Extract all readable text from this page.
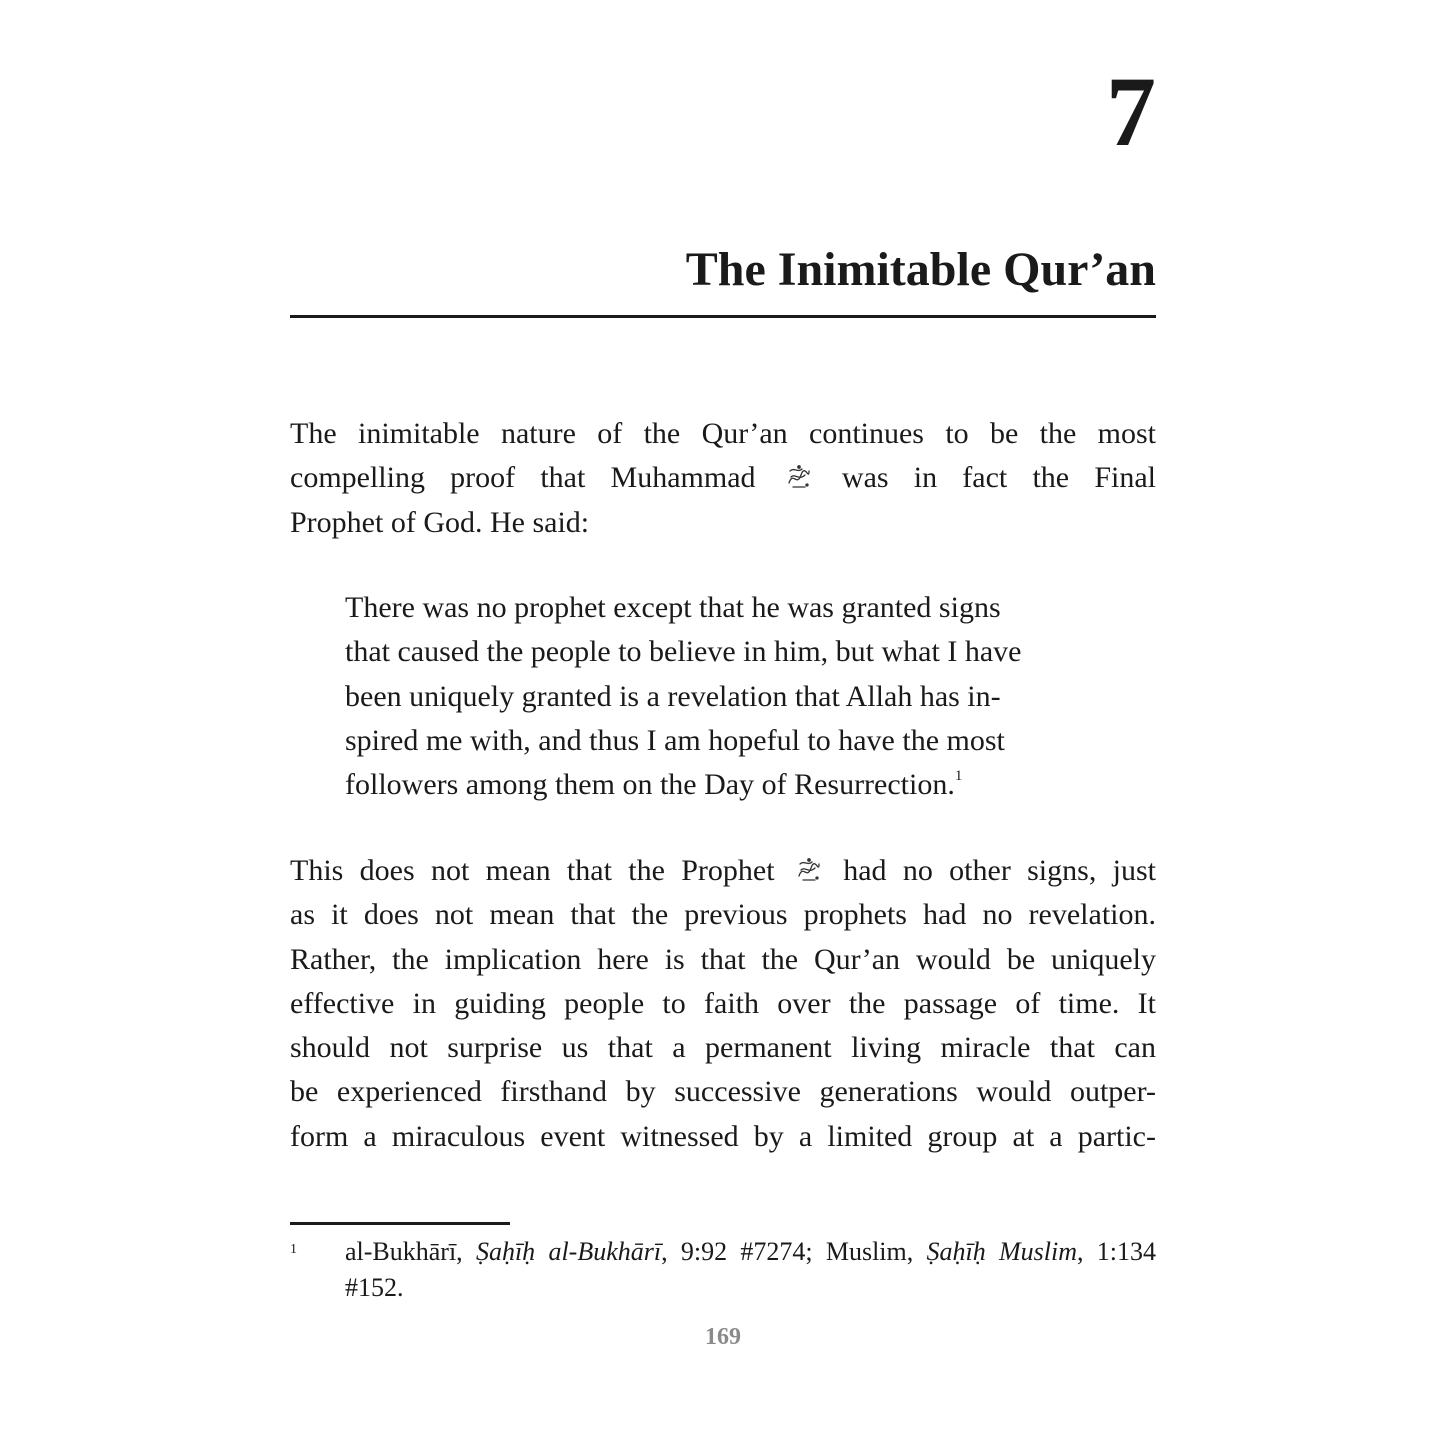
7
The Inimitable Qur’an

The inimitable nature of the Qur’an continues to be the most
compelling proof that Muhammad	was in fact the Final
Prophet of God. He said:

There was no prophet except that he was granted signs
that caused the people to believe in him, but what I have
been uniquely granted is a revelation that Allah has in-
spired me with, and thus I am hopeful to have the most
followers among them on the Day of Resurrection.$^1$

This does not mean that the Prophet had no other signs, just
as it does not mean that the previous prophets had no revelation.
Rather, the implication here is that the Qur’an would be uniquely
effective in guiding people to faith over the passage of time. It
should not surprise us that a permanent living miracle that can
be experienced firsthand by successive generations would outper-
form a miraculous event witnessed by a limited group at a partic-

1 al-Bukhārī, Ṣaḥīḥ al-Bukhārī, 9:92 #7274; Muslim, Ṣaḥīḥ Muslim, 1:134
#152.
169
